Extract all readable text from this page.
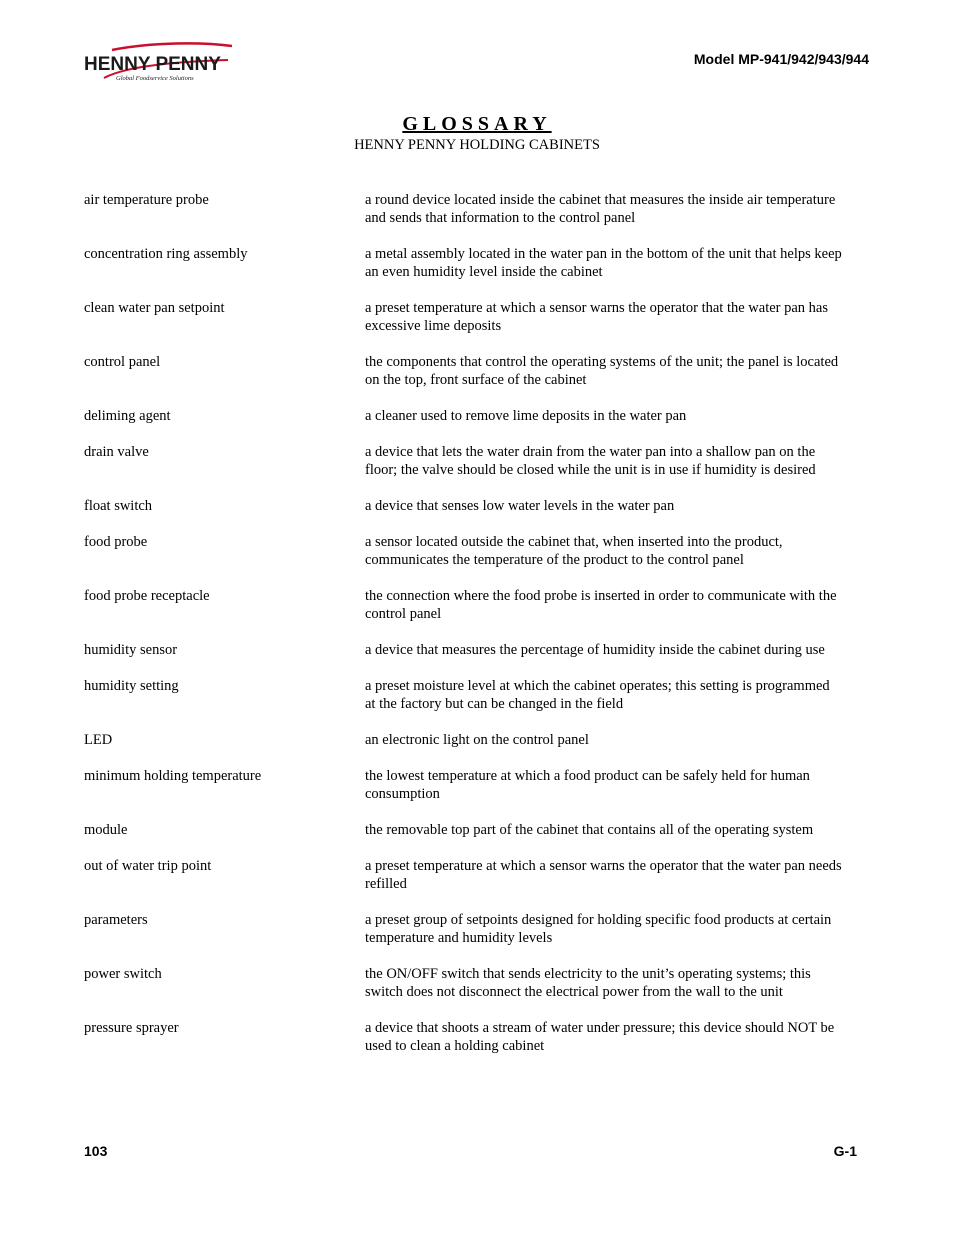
HENNY PENNY
Global Foodservice Solutions
Model MP-941/942/943/944
GLOSSARY
HENNY PENNY HOLDING CABINETS
air temperature probe	a round device located inside the cabinet that measures the inside air temperature and sends that information to the control panel
concentration ring assembly	a metal assembly located in the water pan in the bottom of the unit that helps keep an even humidity level inside the cabinet
clean water pan setpoint	a preset temperature at which a sensor warns the operator that the water pan has excessive lime deposits
control panel	the components that control the operating systems of the unit; the panel is located on the top, front surface of the cabinet
deliming agent	a cleaner used to remove lime deposits in the water pan
drain valve	a device that lets the water drain from the water pan into a shallow pan on the floor; the valve should be closed while the unit is in use if humidity is desired
float switch	a device that senses low water levels in the water pan
food probe	a sensor located outside the cabinet that, when inserted into the product, communicates the temperature of the product to the control panel
food probe receptacle	the connection where the food probe is inserted in order to communicate with the control panel
humidity sensor	a device that measures the percentage of humidity inside the cabinet during use
humidity setting	a preset moisture level at which the cabinet operates; this setting is programmed at the factory but can be changed in the field
LED	an electronic light on the control panel
minimum holding temperature	the lowest temperature at which a food product can be safely held for human consumption
module	the removable top part of the cabinet that contains all of the operating system
out of water trip point	a preset temperature at which a sensor warns the operator that the water pan needs refilled
parameters	a preset group of setpoints designed for holding specific food products at certain temperature and humidity levels
power switch	the ON/OFF switch that sends electricity to the unit’s operating systems; this switch does not disconnect the electrical power from the wall to the unit
pressure sprayer	a device that shoots a stream of water under pressure; this device should NOT be used to clean a holding cabinet
103	G-1
